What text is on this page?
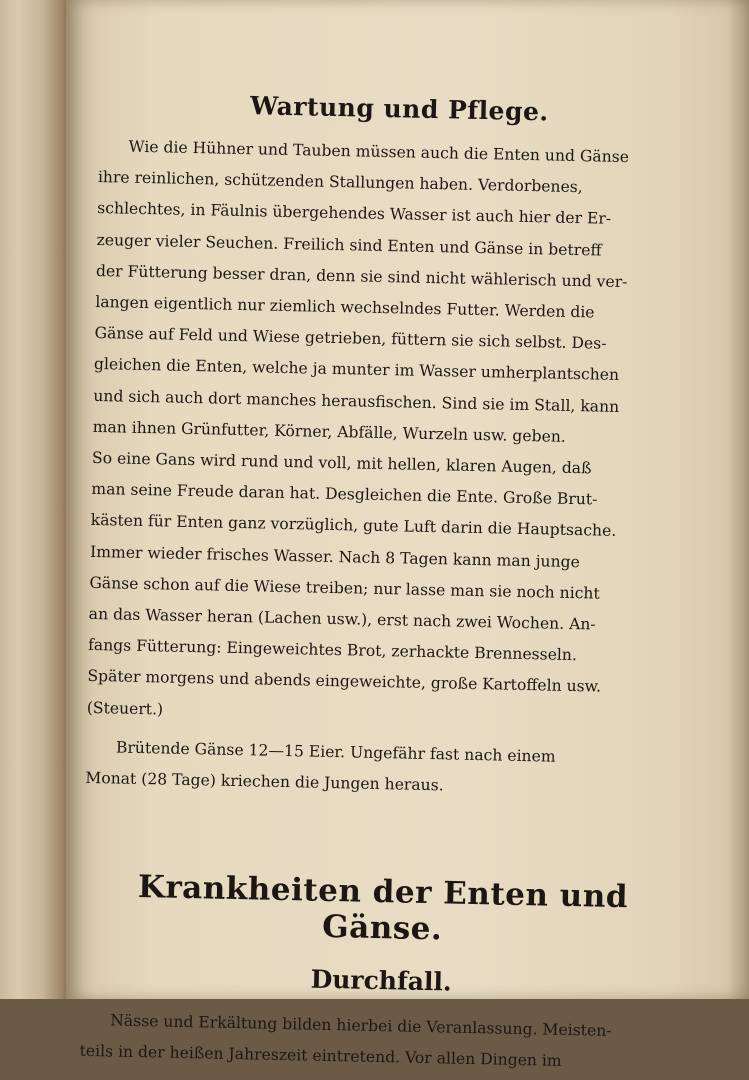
Wartung und Pflege.
Wie die Hühner und Tauben müssen auch die Enten und Gänse
ihre reinlichen, schützenden Stallungen haben. Verdorbenes,
schlechtes, in Fäulnis übergehendes Wasser ist auch hier der Er-
zeuger vieler Seuchen. Freilich sind Enten und Gänse in betreff
der Fütterung besser dran, denn sie sind nicht wählerisch und ver-
langen eigentlich nur ziemlich wechselndes Futter. Werden die
Gänse auf Feld und Wiese getrieben, füttern sie sich selbst. Des-
gleichen die Enten, welche ja munter im Wasser umherplantschen
und sich auch dort manches herausfischen. Sind sie im Stall, kann
man ihnen Grünfutter, Körner, Abfälle, Wurzeln usw. geben.
So eine Gans wird rund und voll, mit hellen, klaren Augen, daß
man seine Freude daran hat. Desgleichen die Ente. Große Brut-
kästen für Enten ganz vorzüglich, gute Luft darin die Hauptsache.
Immer wieder frisches Wasser. Nach 8 Tagen kann man junge
Gänse schon auf die Wiese treiben; nur lasse man sie noch nicht
an das Wasser heran (Lachen usw.), erst nach zwei Wochen. An-
fangs Fütterung: Eingeweichtes Brot, zerhackte Brennesseln.
Später morgens und abends eingeweichte, große Kartoffeln usw.
(Steuert.)
Brütende Gänse 12—15 Eier. Ungefähr fast nach einem
Monat (28 Tage) kriechen die Jungen heraus.
Krankheiten der Enten und Gänse.
Durchfall.
Nässe und Erkältung bilden hierbei die Veranlassung. Meisten-
teils in der heißen Jahreszeit eintretend. Vor allen Dingen im
